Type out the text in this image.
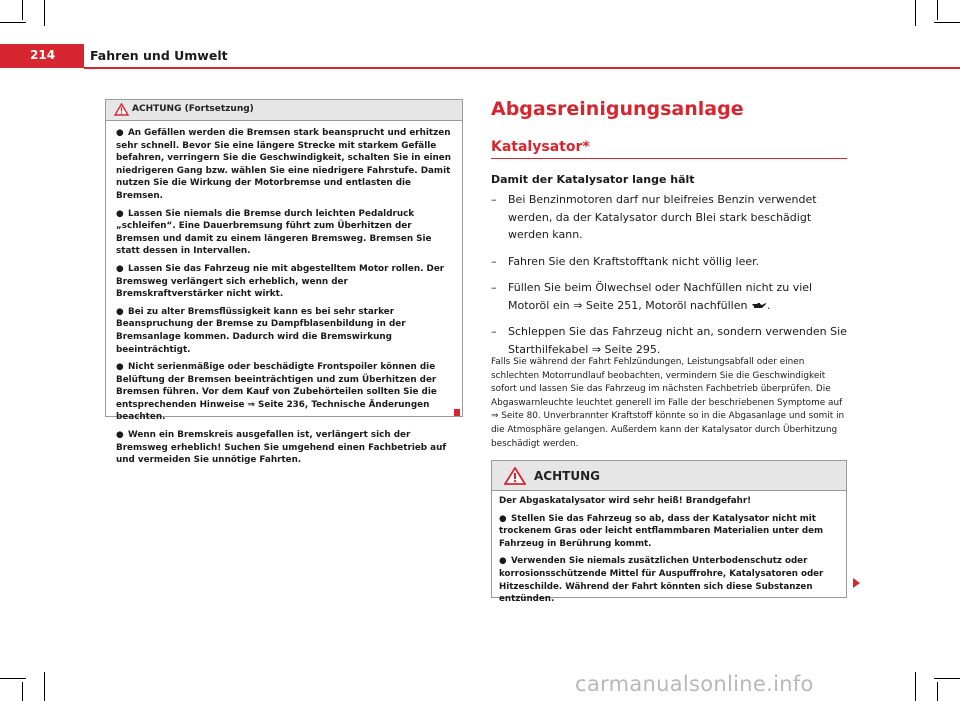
214	Fahren und Umwelt
ACHTUNG (Fortsetzung)

● An Gefällen werden die Bremsen stark beansprucht und erhitzen sehr schnell. Bevor Sie eine längere Strecke mit starkem Gefälle befahren, verringern Sie die Geschwindigkeit, schalten Sie in einen niedrigeren Gang bzw. wählen Sie eine niedrigere Fahrstufe. Damit nutzen Sie die Wirkung der Motorbremse und entlasten die Bremsen.

● Lassen Sie niemals die Bremse durch leichten Pedaldruck „schleifen“. Eine Dauerbremsung führt zum Überhitzen der Bremsen und damit zu einem längeren Bremsweg. Bremsen Sie statt dessen in Intervallen.

● Lassen Sie das Fahrzeug nie mit abgestelltem Motor rollen. Der Bremsweg verlängert sich erheblich, wenn der Bremskraftverstärker nicht wirkt.

● Bei zu alter Bremsflüssigkeit kann es bei sehr starker Beanspruchung der Bremse zu Dampfblasenbildung in der Bremsanlage kommen. Dadurch wird die Bremswirkung beeinträchtigt.

● Nicht serienmäßige oder beschädigte Frontspoiler können die Belüftung der Bremsen beeinträchtigen und zum Überhitzen der Bremsen führen. Vor dem Kauf von Zubehörteilen sollten Sie die entsprechenden Hinweise ⇒ Seite 236, Technische Änderungen beachten.

● Wenn ein Bremskreis ausgefallen ist, verlängert sich der Bremsweg erheblich! Suchen Sie umgehend einen Fachbetrieb auf und vermeiden Sie unnötige Fahrten.

Abgasreinigungsanlage
Katalysator*
Damit der Katalysator lange hält
– Bei Benzinmotoren darf nur bleifreies Benzin verwendet werden, da der Katalysator durch Blei stark beschädigt werden kann.
– Fahren Sie den Kraftstofftank nicht völlig leer.
– Füllen Sie beim Ölwechsel oder Nachfüllen nicht zu viel Motoröl ein ⇒ Seite 251, Motoröl nachfüllen .
– Schleppen Sie das Fahrzeug nicht an, sondern verwenden Sie Starthilfekabel ⇒ Seite 295.
Falls Sie während der Fahrt Fehlzündungen, Leistungsabfall oder einen schlechten Motorrundlauf beobachten, vermindern Sie die Geschwindigkeit sofort und lassen Sie das Fahrzeug im nächsten Fachbetrieb überprüfen. Die Abgaswarnleuchte leuchtet generell im Falle der beschriebenen Symptome auf ⇒ Seite 80. Unverbrannter Kraftstoff könnte so in die Abgasanlage und somit in die Atmosphäre gelangen. Außerdem kann der Katalysator durch Überhitzung beschädigt werden.
ACHTUNG

Der Abgaskatalysator wird sehr heiß! Brandgefahr!

● Stellen Sie das Fahrzeug so ab, dass der Katalysator nicht mit trockenem Gras oder leicht entflammbaren Materialien unter dem Fahrzeug in Berührung kommt.

● Verwenden Sie niemals zusätzlichen Unterbodenschutz oder korrosionsschützende Mittel für Auspuffrohre, Katalysatoren oder Hitzeschilde. Während der Fahrt könnten sich diese Substanzen entzünden.

carmanualsonline.info
